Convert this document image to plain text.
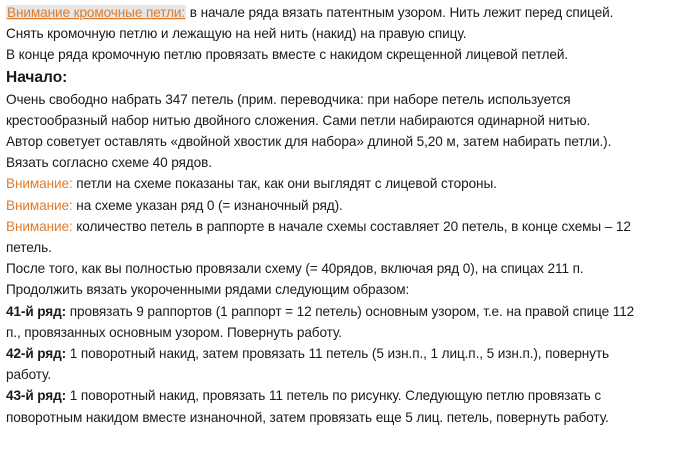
Внимание кромочные петли: в начале ряда вязать патентным узором. Нить лежит перед спицей.
Снять кромочную петлю и лежащую на ней нить (накид) на правую спицу.
В конце ряда кромочную петлю провязать вместе с накидом скрещенной лицевой петлей.
Начало:
Очень свободно набрать 347 петель (прим. переводчика: при наборе петель используется
крестообразный набор нитью двойного сложения. Сами петли набираются одинарной нитью.
Автор советует оставлять «двойной хвостик для набора» длиной 5,20 м, затем набирать петли.).
Вязать согласно схеме 40 рядов.
Внимание: петли на схеме показаны так, как они выглядят с лицевой стороны.
Внимание: на схеме указан ряд 0 (= изнаночный ряд).
Внимание: количество петель в раппорте в начале схемы составляет 20 петель, в конце схемы – 12
петель.
После того, как вы полностью провязали схему (= 40рядов, включая ряд 0), на спицах 211 п.
Продолжить вязать укороченными рядами следующим образом:
41-й ряд: провязать 9 раппортов (1 раппорт = 12 петель) основным узором, т.е. на правой спице 112
п., провязанных основным узором. Повернуть работу.
42-й ряд: 1 поворотный накид, затем провязать 11 петель (5 изн.п., 1 лиц.п., 5 изн.п.), повернуть
работу.
43-й ряд: 1 поворотный накид, провязать 11 петель по рисунку. Следующую петлю провязать с
поворотным накидом вместе изнаночной, затем провязать еще 5 лиц. петель, повернуть работу.
